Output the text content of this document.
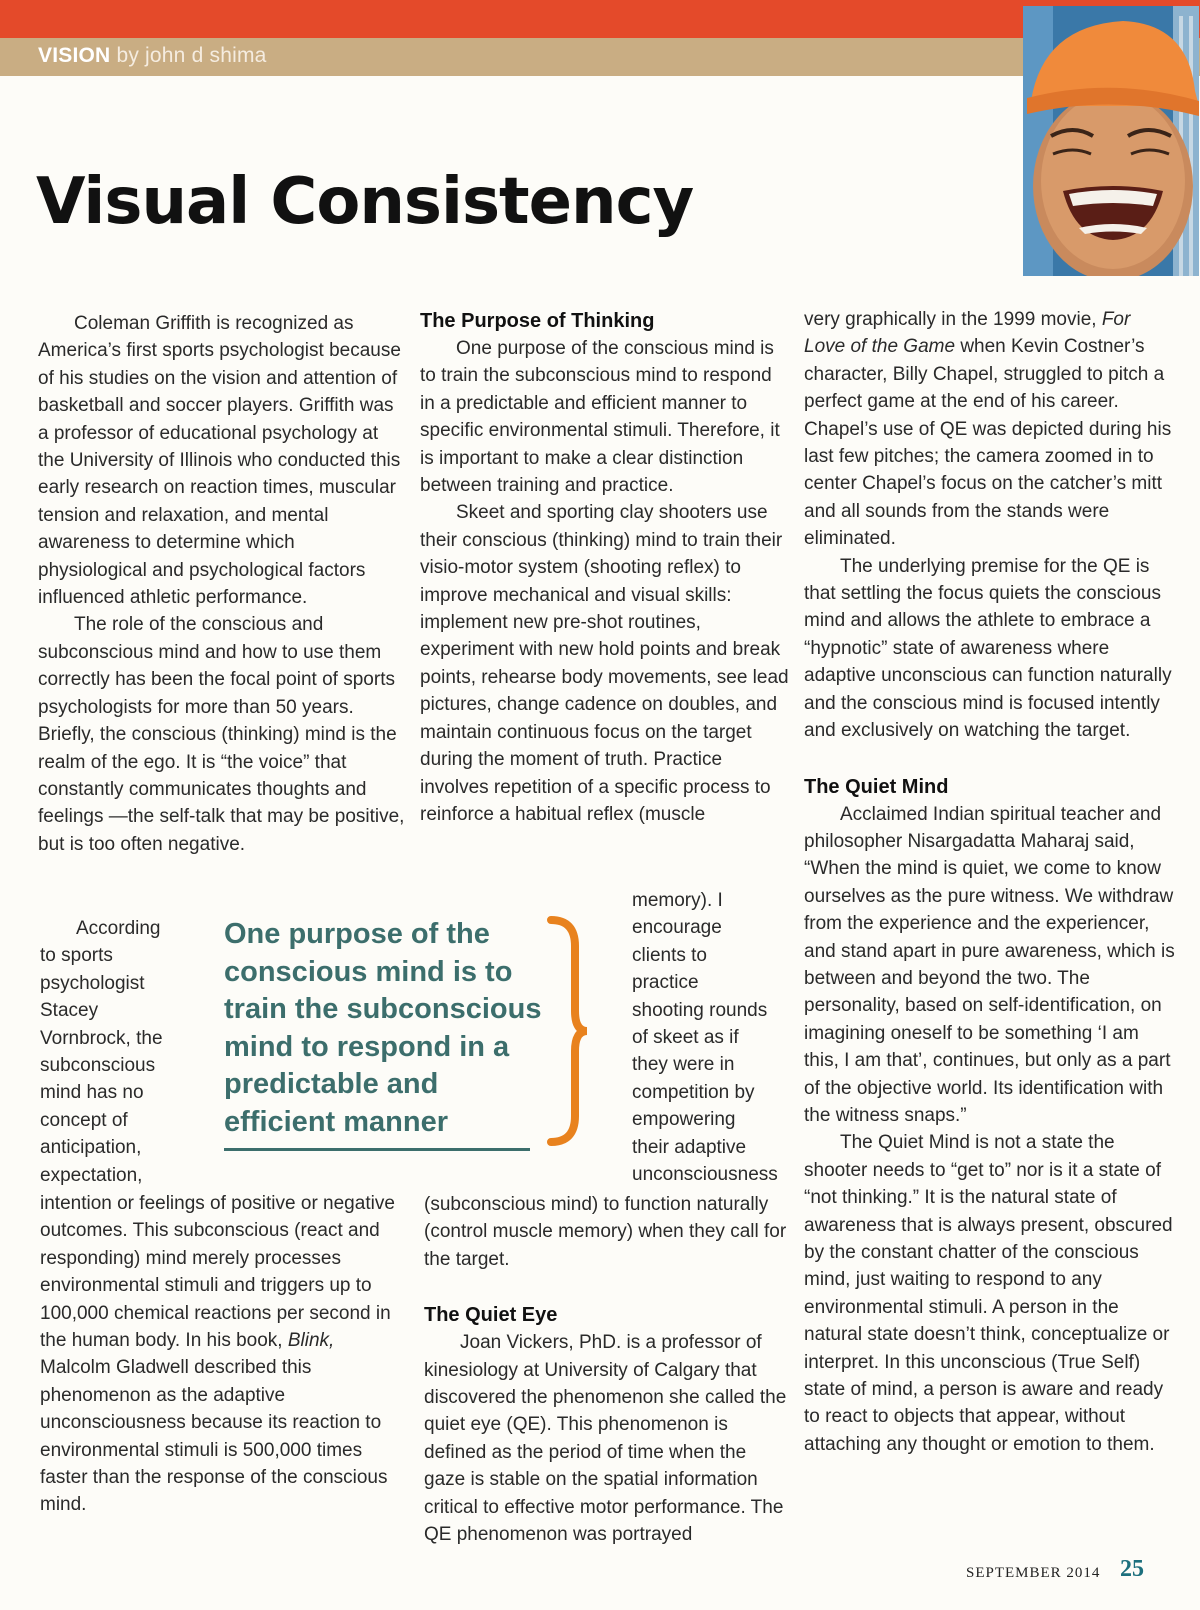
VISION by john d shima
Visual Consistency

Coleman Griffith is recognized as America’s first sports psychologist because of his studies on the vision and attention of basketball and soccer players. Griffith was a professor of educational psychology at the University of Illinois who conducted this early research on reaction times, muscular tension and relaxation, and mental awareness to determine which physiological and psychological factors influenced athletic performance.

The role of the conscious and subconscious mind and how to use them correctly has been the focal point of sports psychologists for more than 50 years. Briefly, the conscious (thinking) mind is the realm of the ego. It is “the voice” that constantly communicates thoughts and feelings —the self-talk that may be positive, but is too often negative.

According

to sports

psychologist

Stacey

Vornbrock, the

subconscious

mind has no

concept of

anticipation,

expectation,

intention or feelings of positive or negative outcomes. This subconscious (react and responding) mind merely processes environmental stimuli and triggers up to 100,000 chemical reactions per second in the human body. In his book, Blink, Malcolm Gladwell described this phenomenon as the adaptive unconsciousness because its reaction to environmental stimuli is 500,000 times faster than the response of the conscious mind.

One purpose of the conscious mind is to train the subconscious mind to respond in a predictable and efficient manner
The Purpose of Thinking

One purpose of the conscious mind is to train the subconscious mind to respond in a predictable and efficient manner to specific environmental stimuli. Therefore, it is important to make a clear distinction between training and practice.

Skeet and sporting clay shooters use their conscious (thinking) mind to train their visio-motor system (shooting reflex) to improve mechanical and visual skills: implement new pre-shot routines, experiment with new hold points and break points, rehearse body movements, see lead pictures, change cadence on doubles, and maintain continuous focus on the target during the moment of truth. Practice involves repetition of a specific process to reinforce a habitual reflex (muscle

memory). I

encourage

clients to

practice

shooting rounds

of skeet as if

they were in

competition by

empowering

their adaptive

unconsciousness

(subconscious mind) to function naturally (control muscle memory) when they call for the target.

The Quiet Eye

Joan Vickers, PhD. is a professor of kinesiology at University of Calgary that discovered the phenomenon she called the quiet eye (QE). This phenomenon is defined as the period of time when the gaze is stable on the spatial information critical to effective motor performance. The QE phenomenon was portrayed

very graphically in the 1999 movie, For Love of the Game when Kevin Costner’s character, Billy Chapel, struggled to pitch a perfect game at the end of his career. Chapel’s use of QE was depicted during his last few pitches; the camera zoomed in to center Chapel’s focus on the catcher’s mitt and all sounds from the stands were eliminated.

The underlying premise for the QE is that settling the focus quiets the conscious mind and allows the athlete to embrace a “hypnotic” state of awareness where adaptive unconscious can function naturally and the conscious mind is focused intently and exclusively on watching the target.

The Quiet Mind

Acclaimed Indian spiritual teacher and philosopher Nisargadatta Maharaj said, “When the mind is quiet, we come to know ourselves as the pure witness. We withdraw from the experience and the experiencer, and stand apart in pure awareness, which is between and beyond the two. The personality, based on self-identification, on imagining oneself to be something ‘I am this, I am that’, continues, but only as a part of the objective world. Its identification with the witness snaps.”

The Quiet Mind is not a state the shooter needs to “get to” nor is it a state of “not thinking.” It is the natural state of awareness that is always present, obscured by the constant chatter of the conscious mind, just waiting to respond to any environmental stimuli. A person in the natural state doesn’t think, conceptualize or interpret. In this unconscious (True Self) state of mind, a person is aware and ready to react to objects that appear, without attaching any thought or emotion to them.

SEPTEMBER 2014 25
